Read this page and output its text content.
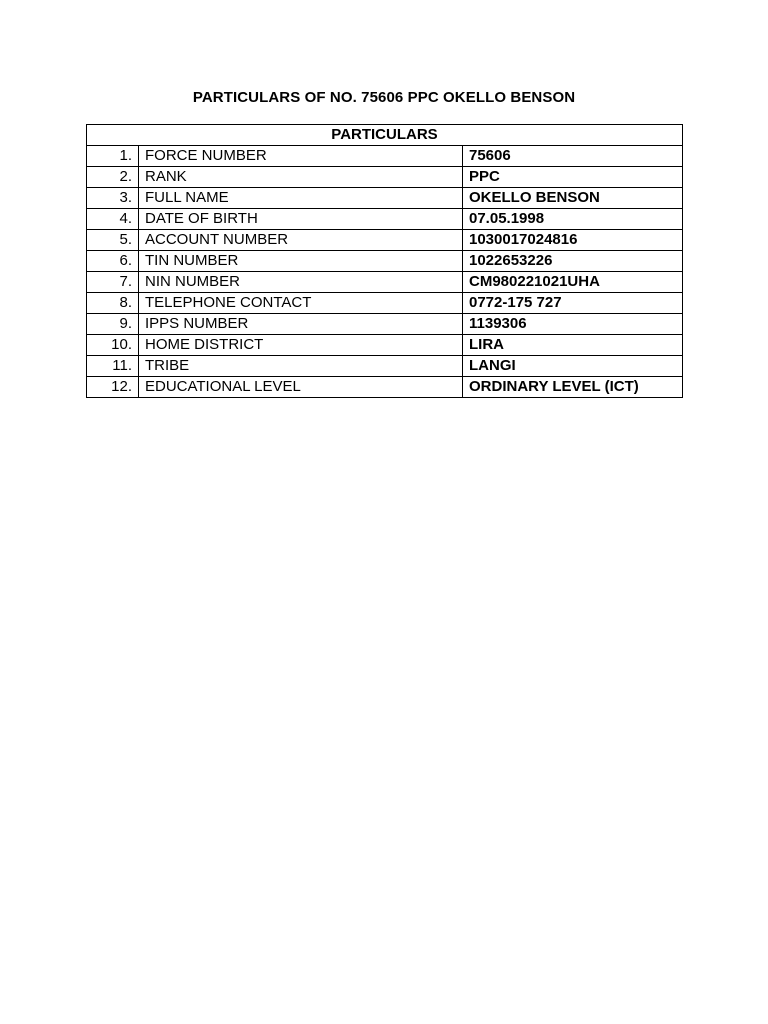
PARTICULARS OF NO. 75606 PPC OKELLO BENSON
PARTICULARS		
1.	FORCE NUMBER	75606
2.	RANK	PPC
3.	FULL NAME	OKELLO BENSON
4.	DATE OF BIRTH	07.05.1998
5.	ACCOUNT NUMBER	1030017024816
6.	TIN NUMBER	1022653226
7.	NIN NUMBER	CM980221021UHA
8.	TELEPHONE CONTACT	0772-175 727
9.	IPPS NUMBER	1139306
10.	HOME DISTRICT	LIRA
11.	TRIBE	LANGI
12.	EDUCATIONAL LEVEL	ORDINARY LEVEL (ICT)
